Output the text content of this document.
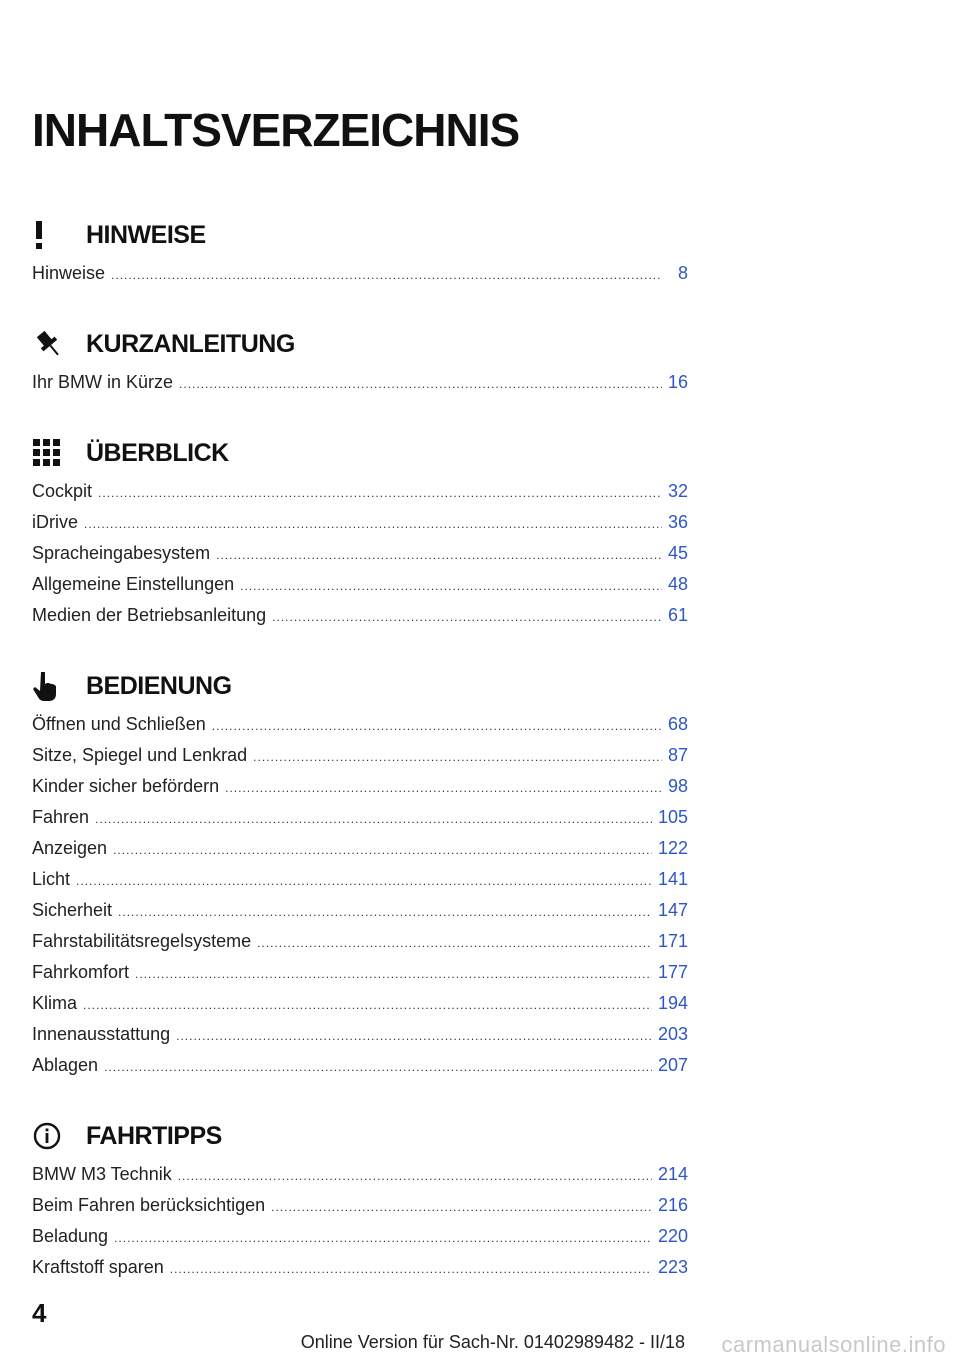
INHALTSVERZEICHNIS
HINWEISE
Hinweise .....	8
KURZANLEITUNG
Ihr BMW in Kürze .....	16
ÜBERBLICK
Cockpit .....	32
iDrive .....	36
Spracheingabesystem .....	45
Allgemeine Einstellungen .....	48
Medien der Betriebsanleitung .....	61
BEDIENUNG
Öffnen und Schließen .....	68
Sitze, Spiegel und Lenkrad .....	87
Kinder sicher befördern .....	98
Fahren .....	105
Anzeigen .....	122
Licht .....	141
Sicherheit .....	147
Fahrstabilitätsregelsysteme .....	171
Fahrkomfort .....	177
Klima .....	194
Innenausstattung .....	203
Ablagen .....	207
FAHRTIPPS
BMW M3 Technik .....	214
Beim Fahren berücksichtigen .....	216
Beladung .....	220
Kraftstoff sparen .....	223
4
Online Version für Sach-Nr. 01402989482 - II/18 carmanualsonline.info
